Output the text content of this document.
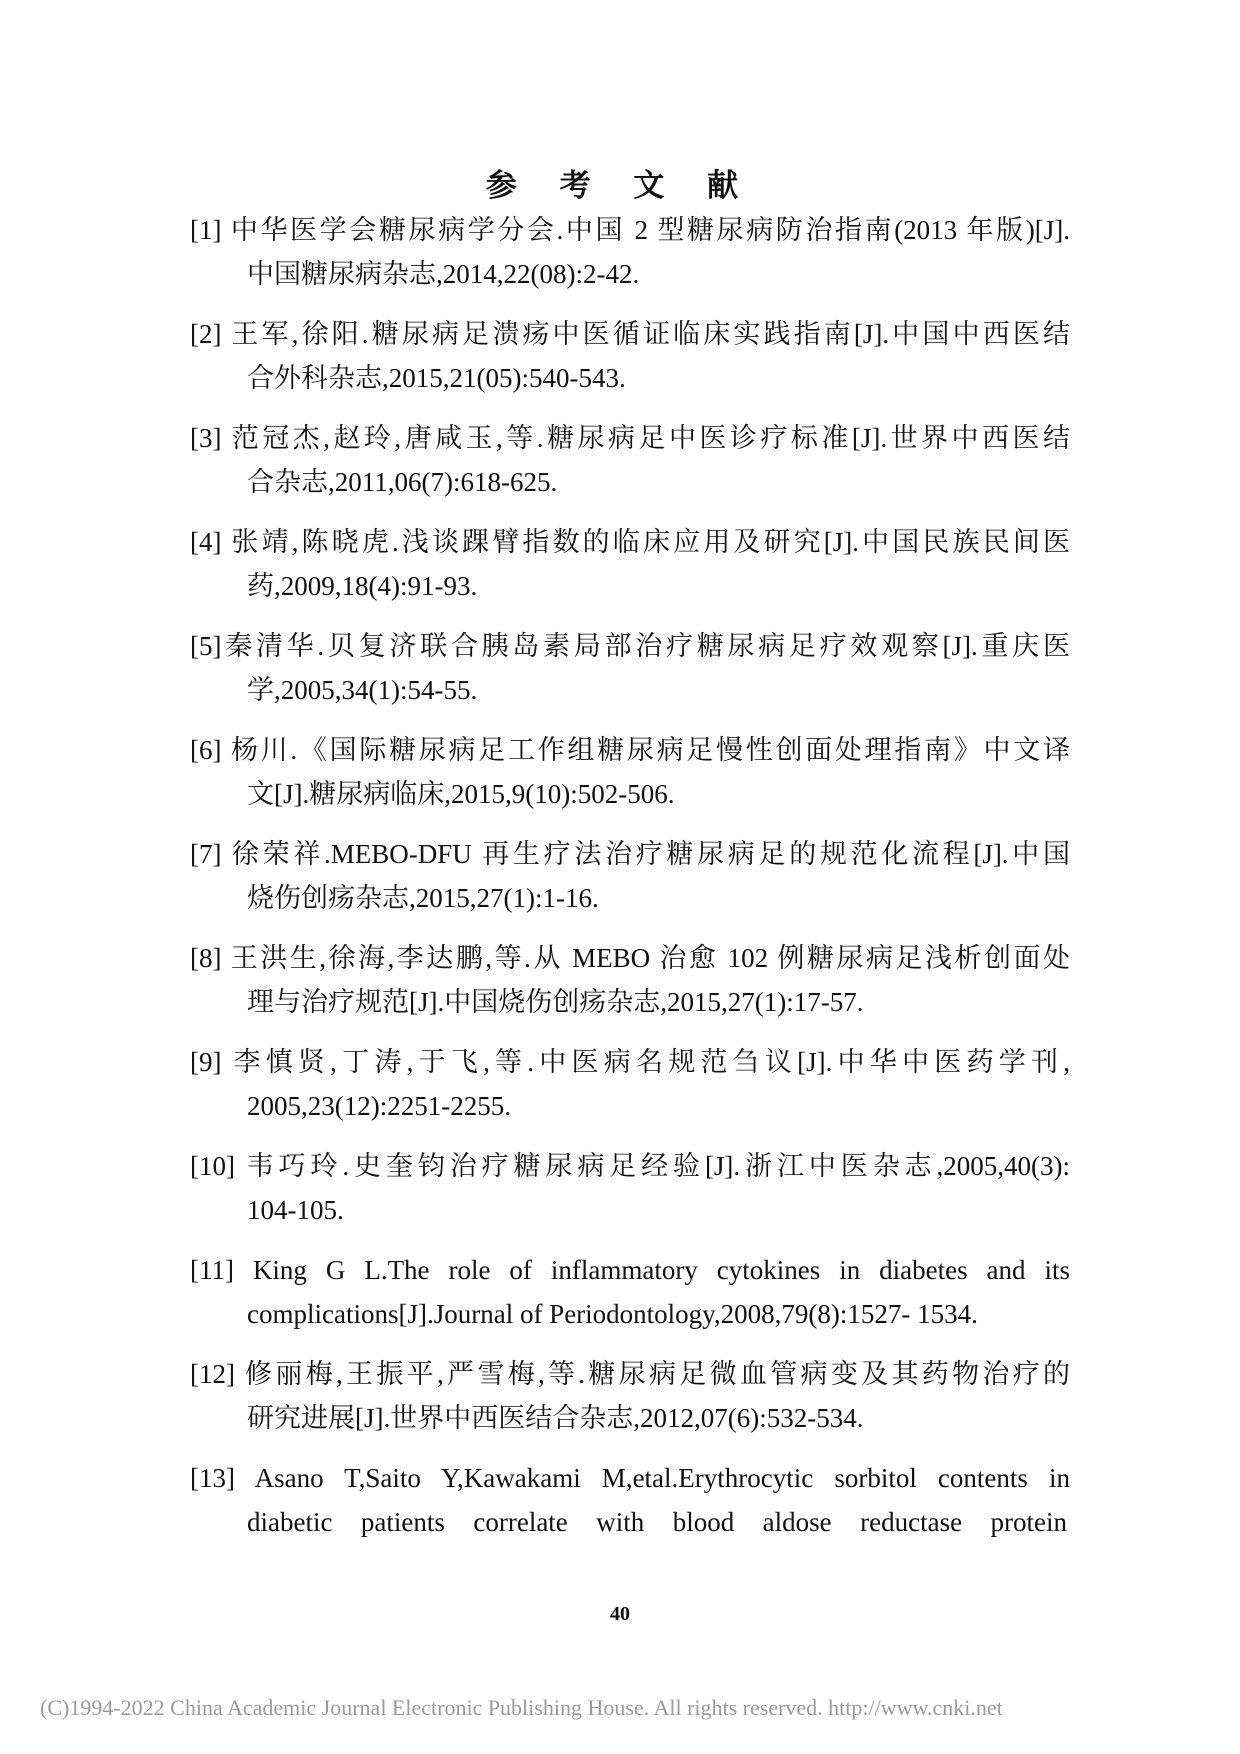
参 考 文 献
[1] 中华医学会糖尿病学分会.中国 2 型糖尿病防治指南(2013 年版)[J].
中国糖尿病杂志,2014,22(08):2-42.
[2] 王军,徐阳.糖尿病足溃疡中医循证临床实践指南[J].中国中西医结
合外科杂志,2015,21(05):540-543.
[3] 范冠杰,赵玲,唐咸玉,等.糖尿病足中医诊疗标准[J].世界中西医结
合杂志,2011,06(7):618-625.
[4] 张靖,陈晓虎.浅谈踝臂指数的临床应用及研究[J].中国民族民间医
药,2009,18(4):91-93.
[5]秦清华.贝复济联合胰岛素局部治疗糖尿病足疗效观察[J].重庆医
学,2005,34(1):54-55.
[6] 杨川.《国际糖尿病足工作组糖尿病足慢性创面处理指南》中文译
文[J].糖尿病临床,2015,9(10):502-506.
[7] 徐荣祥.MEBO-DFU 再生疗法治疗糖尿病足的规范化流程[J].中国
烧伤创疡杂志,2015,27(1):1-16.
[8] 王洪生,徐海,李达鹏,等.从 MEBO 治愈 102 例糖尿病足浅析创面处
理与治疗规范[J].中国烧伤创疡杂志,2015,27(1):17-57.
[9] 李慎贤,丁涛,于飞,等.中医病名规范刍议[J].中华中医药学刊,
2005,23(12):2251-2255.
[10] 韦巧玲.史奎钧治疗糖尿病足经验[J].浙江中医杂志,2005,40(3):
104-105.
[11] King G L.The role of inflammatory cytokines in diabetes and its
complications[J].Journal of Periodontology,2008,79(8):1527- 1534.
[12] 修丽梅,王振平,严雪梅,等.糖尿病足微血管病变及其药物治疗的
研究进展[J].世界中西医结合杂志,2012,07(6):532-534.
[13] Asano T,Saito Y,Kawakami M,etal.Erythrocytic sorbitol contents in
diabetic patients correlate with blood aldose reductase protein
40
(C)1994-2022 China Academic Journal Electronic Publishing House. All rights reserved. http://www.cnki.net
